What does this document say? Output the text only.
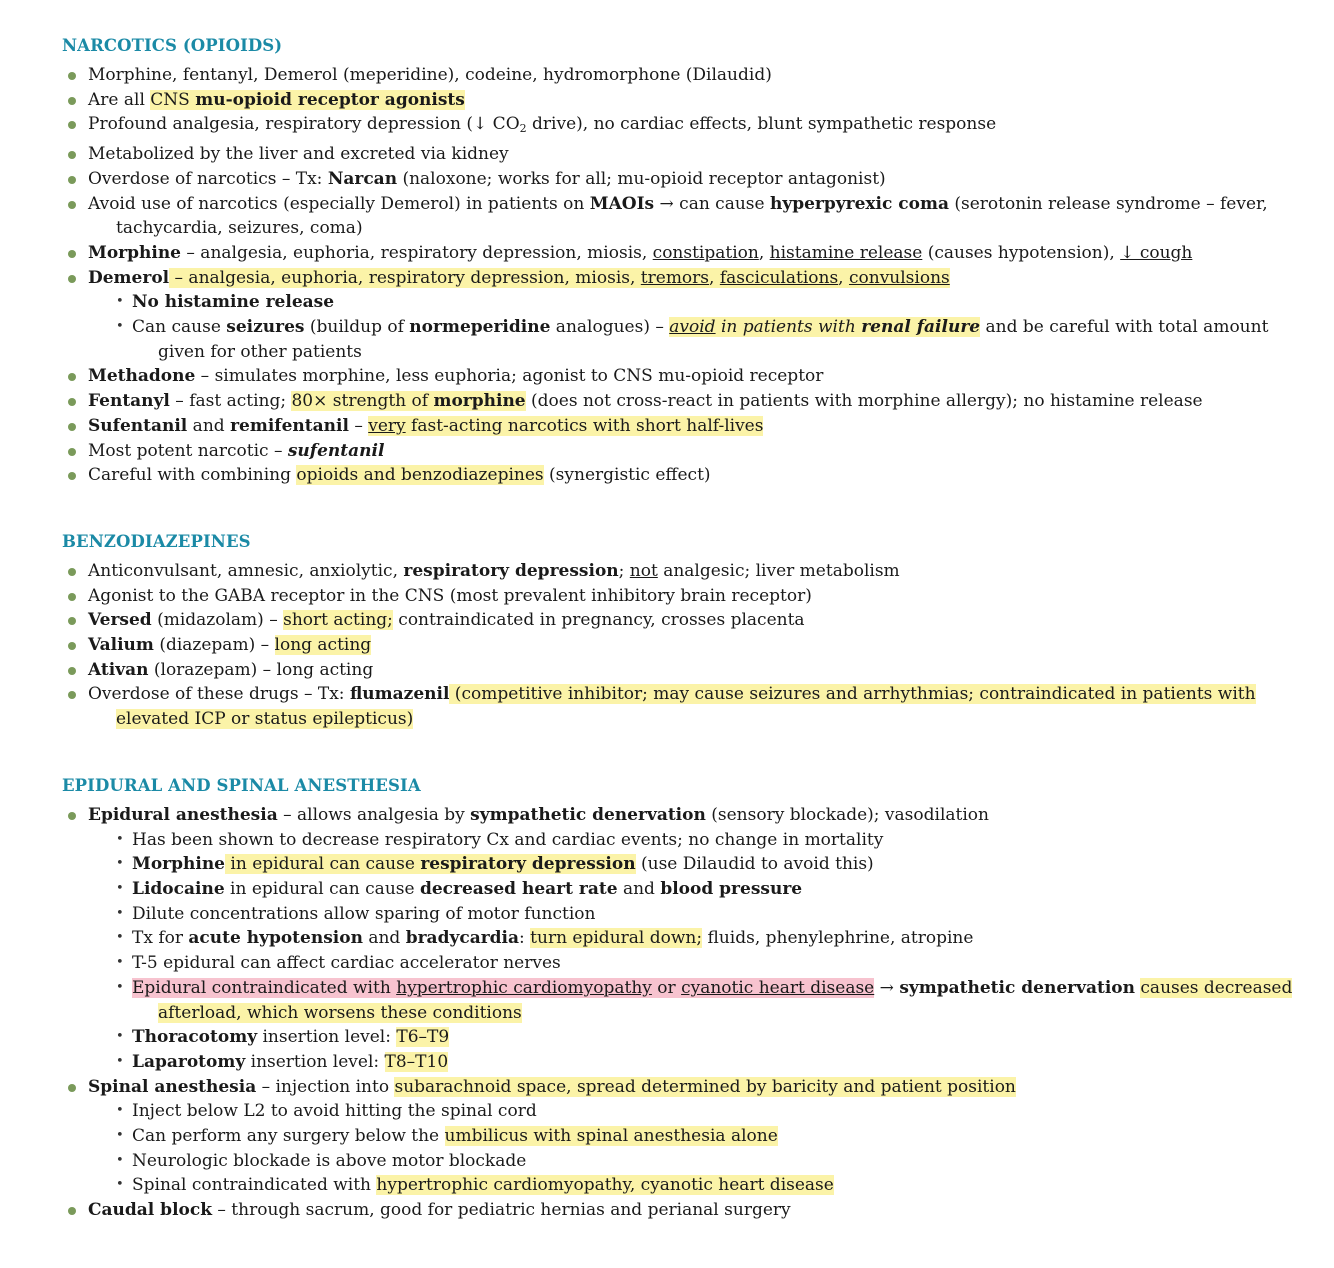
NARCOTICS (OPIOIDS)
Morphine, fentanyl, Demerol (meperidine), codeine, hydromorphone (Dilaudid)
Are all CNS mu-opioid receptor agonists
Profound analgesia, respiratory depression (↓ $CO_2$ drive), no cardiac effects, blunt sympathetic response
Metabolized by the liver and excreted via kidney
Overdose of narcotics – Tx: Narcan (naloxone; works for all; mu-opioid receptor antagonist)
Avoid use of narcotics (especially Demerol) in patients on MAOIs → can cause hyperpyrexic coma (serotonin release syndrome – fever, tachycardia, seizures, coma)
Morphine – analgesia, euphoria, respiratory depression, miosis, constipation, histamine release (causes hypotension), ↓ cough
Demerol – analgesia, euphoria, respiratory depression, miosis, tremors, fasciculations, convulsions
• No histamine release
• Can cause seizures (buildup of normeperidine analogues) – avoid in patients with renal failure and be careful with total amount given for other patients
Methadone – simulates morphine, less euphoria; agonist to CNS mu-opioid receptor
Fentanyl – fast acting; 80× strength of morphine (does not cross-react in patients with morphine allergy); no histamine release
Sufentanil and remifentanil – very fast-acting narcotics with short half-lives
Most potent narcotic – sufentanil
Careful with combining opioids and benzodiazepines (synergistic effect)
BENZODIAZEPINES
Anticonvulsant, amnesic, anxiolytic, respiratory depression; not analgesic; liver metabolism
Agonist to the GABA receptor in the CNS (most prevalent inhibitory brain receptor)
Versed (midazolam) – short acting; contraindicated in pregnancy, crosses placenta
Valium (diazepam) – long acting
Ativan (lorazepam) – long acting
Overdose of these drugs – Tx: flumazenil (competitive inhibitor; may cause seizures and arrhythmias; contraindicated in patients with elevated ICP or status epilepticus)
EPIDURAL AND SPINAL ANESTHESIA
Epidural anesthesia – allows analgesia by sympathetic denervation (sensory blockade); vasodilation
• Has been shown to decrease respiratory Cx and cardiac events; no change in mortality
• Morphine in epidural can cause respiratory depression (use Dilaudid to avoid this)
• Lidocaine in epidural can cause decreased heart rate and blood pressure
• Dilute concentrations allow sparing of motor function
• Tx for acute hypotension and bradycardia: turn epidural down; fluids, phenylephrine, atropine
• T-5 epidural can affect cardiac accelerator nerves
• Epidural contraindicated with hypertrophic cardiomyopathy or cyanotic heart disease → sympathetic denervation causes decreased afterload, which worsens these conditions
• Thoracotomy insertion level: T6–T9
• Laparotomy insertion level: T8–T10
Spinal anesthesia – injection into subarachnoid space, spread determined by baricity and patient position
• Inject below L2 to avoid hitting the spinal cord
• Can perform any surgery below the umbilicus with spinal anesthesia alone
• Neurologic blockade is above motor blockade
• Spinal contraindicated with hypertrophic cardiomyopathy, cyanotic heart disease
Caudal block – through sacrum, good for pediatric hernias and perianal surgery
